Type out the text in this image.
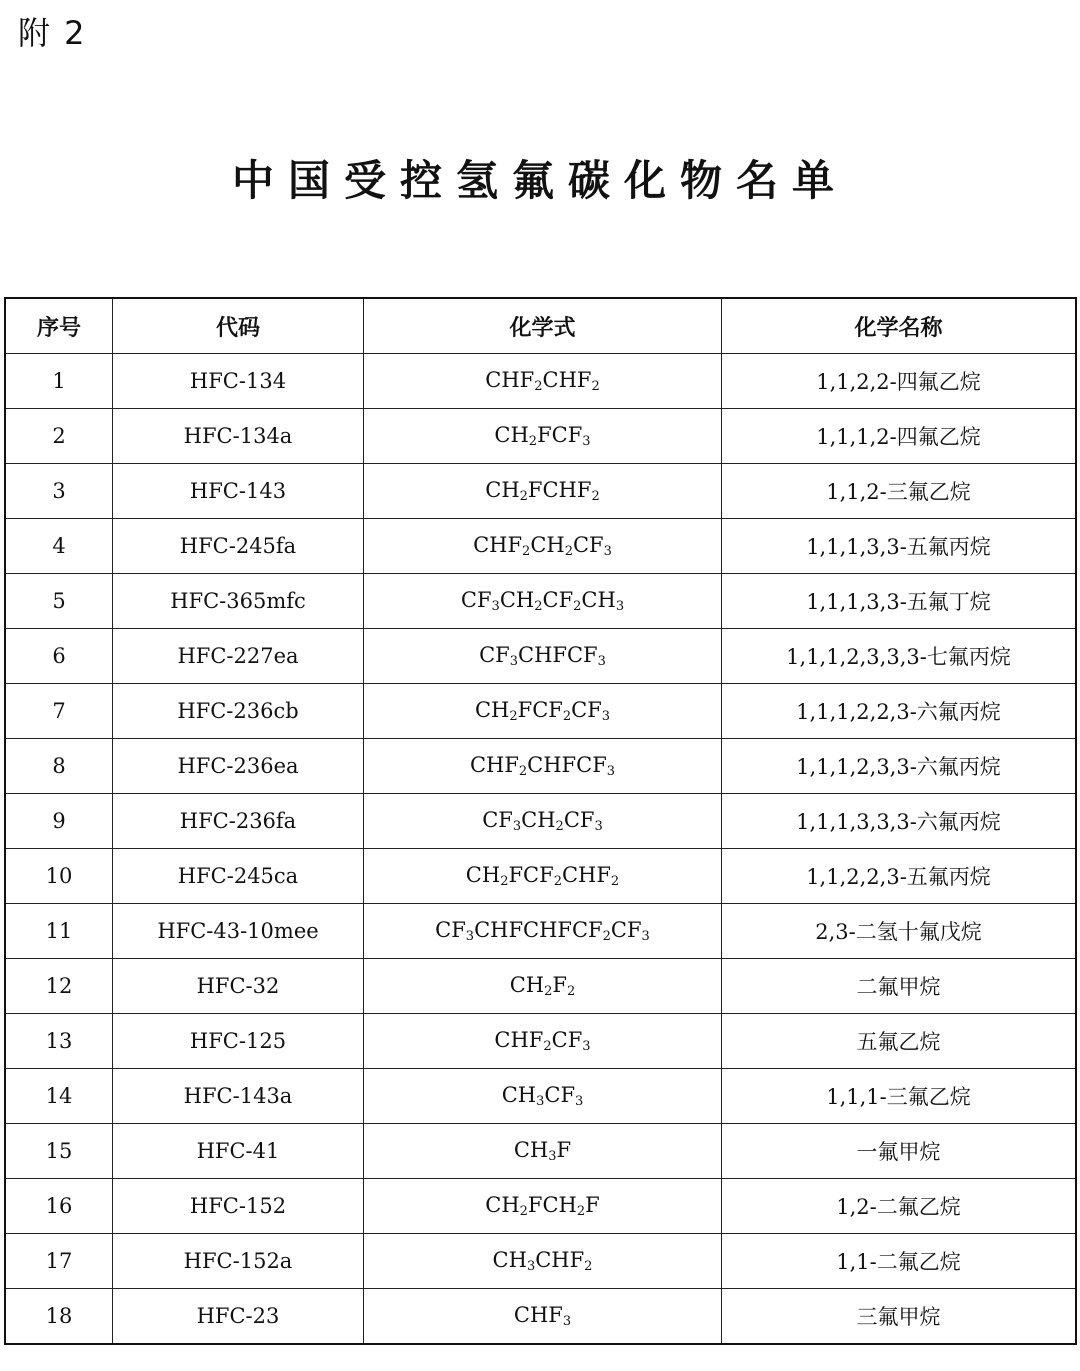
附 2
中国受控氢氟碳化物名单
序号	代码	化学式	化学名称
1	HFC-134	$CHF_2CHF_2$	1,1,2,2-四氟乙烷
2	HFC-134a	$CH_2FCF_3$	1,1,1,2-四氟乙烷
3	HFC-143	$CH_2FCHF_2$	1,1,2-三氟乙烷
4	HFC-245fa	$CHF_2CH_2CF_3$	1,1,1,3,3-五氟丙烷
5	HFC-365mfc	$CF_3CH_2CF_2CH_3$	1,1,1,3,3-五氟丁烷
6	HFC-227ea	$CF_3CHFCF_3$	1,1,1,2,3,3,3-七氟丙烷
7	HFC-236cb	$CH_2FCF_2CF_3$	1,1,1,2,2,3-六氟丙烷
8	HFC-236ea	$CHF_2CHFCF_3$	1,1,1,2,3,3-六氟丙烷
9	HFC-236fa	$CF_3CH_2CF_3$	1,1,1,3,3,3-六氟丙烷
10	HFC-245ca	$CH_2FCF_2CHF_2$	1,1,2,2,3-五氟丙烷
11	HFC-43-10mee	$CF_3CHFCHFCF_2CF_3$	2,3-二氢十氟戊烷
12	HFC-32	$CH_2F_2$	二氟甲烷
13	HFC-125	$CHF_2CF_3$	五氟乙烷
14	HFC-143a	$CH_3CF_3$	1,1,1-三氟乙烷
15	HFC-41	$CH_3F$	一氟甲烷
16	HFC-152	$CH_2FCH_2F$	1,2-二氟乙烷
17	HFC-152a	$CH_3CHF_2$	1,1-二氟乙烷
18	HFC-23	$CHF_3$	三氟甲烷
